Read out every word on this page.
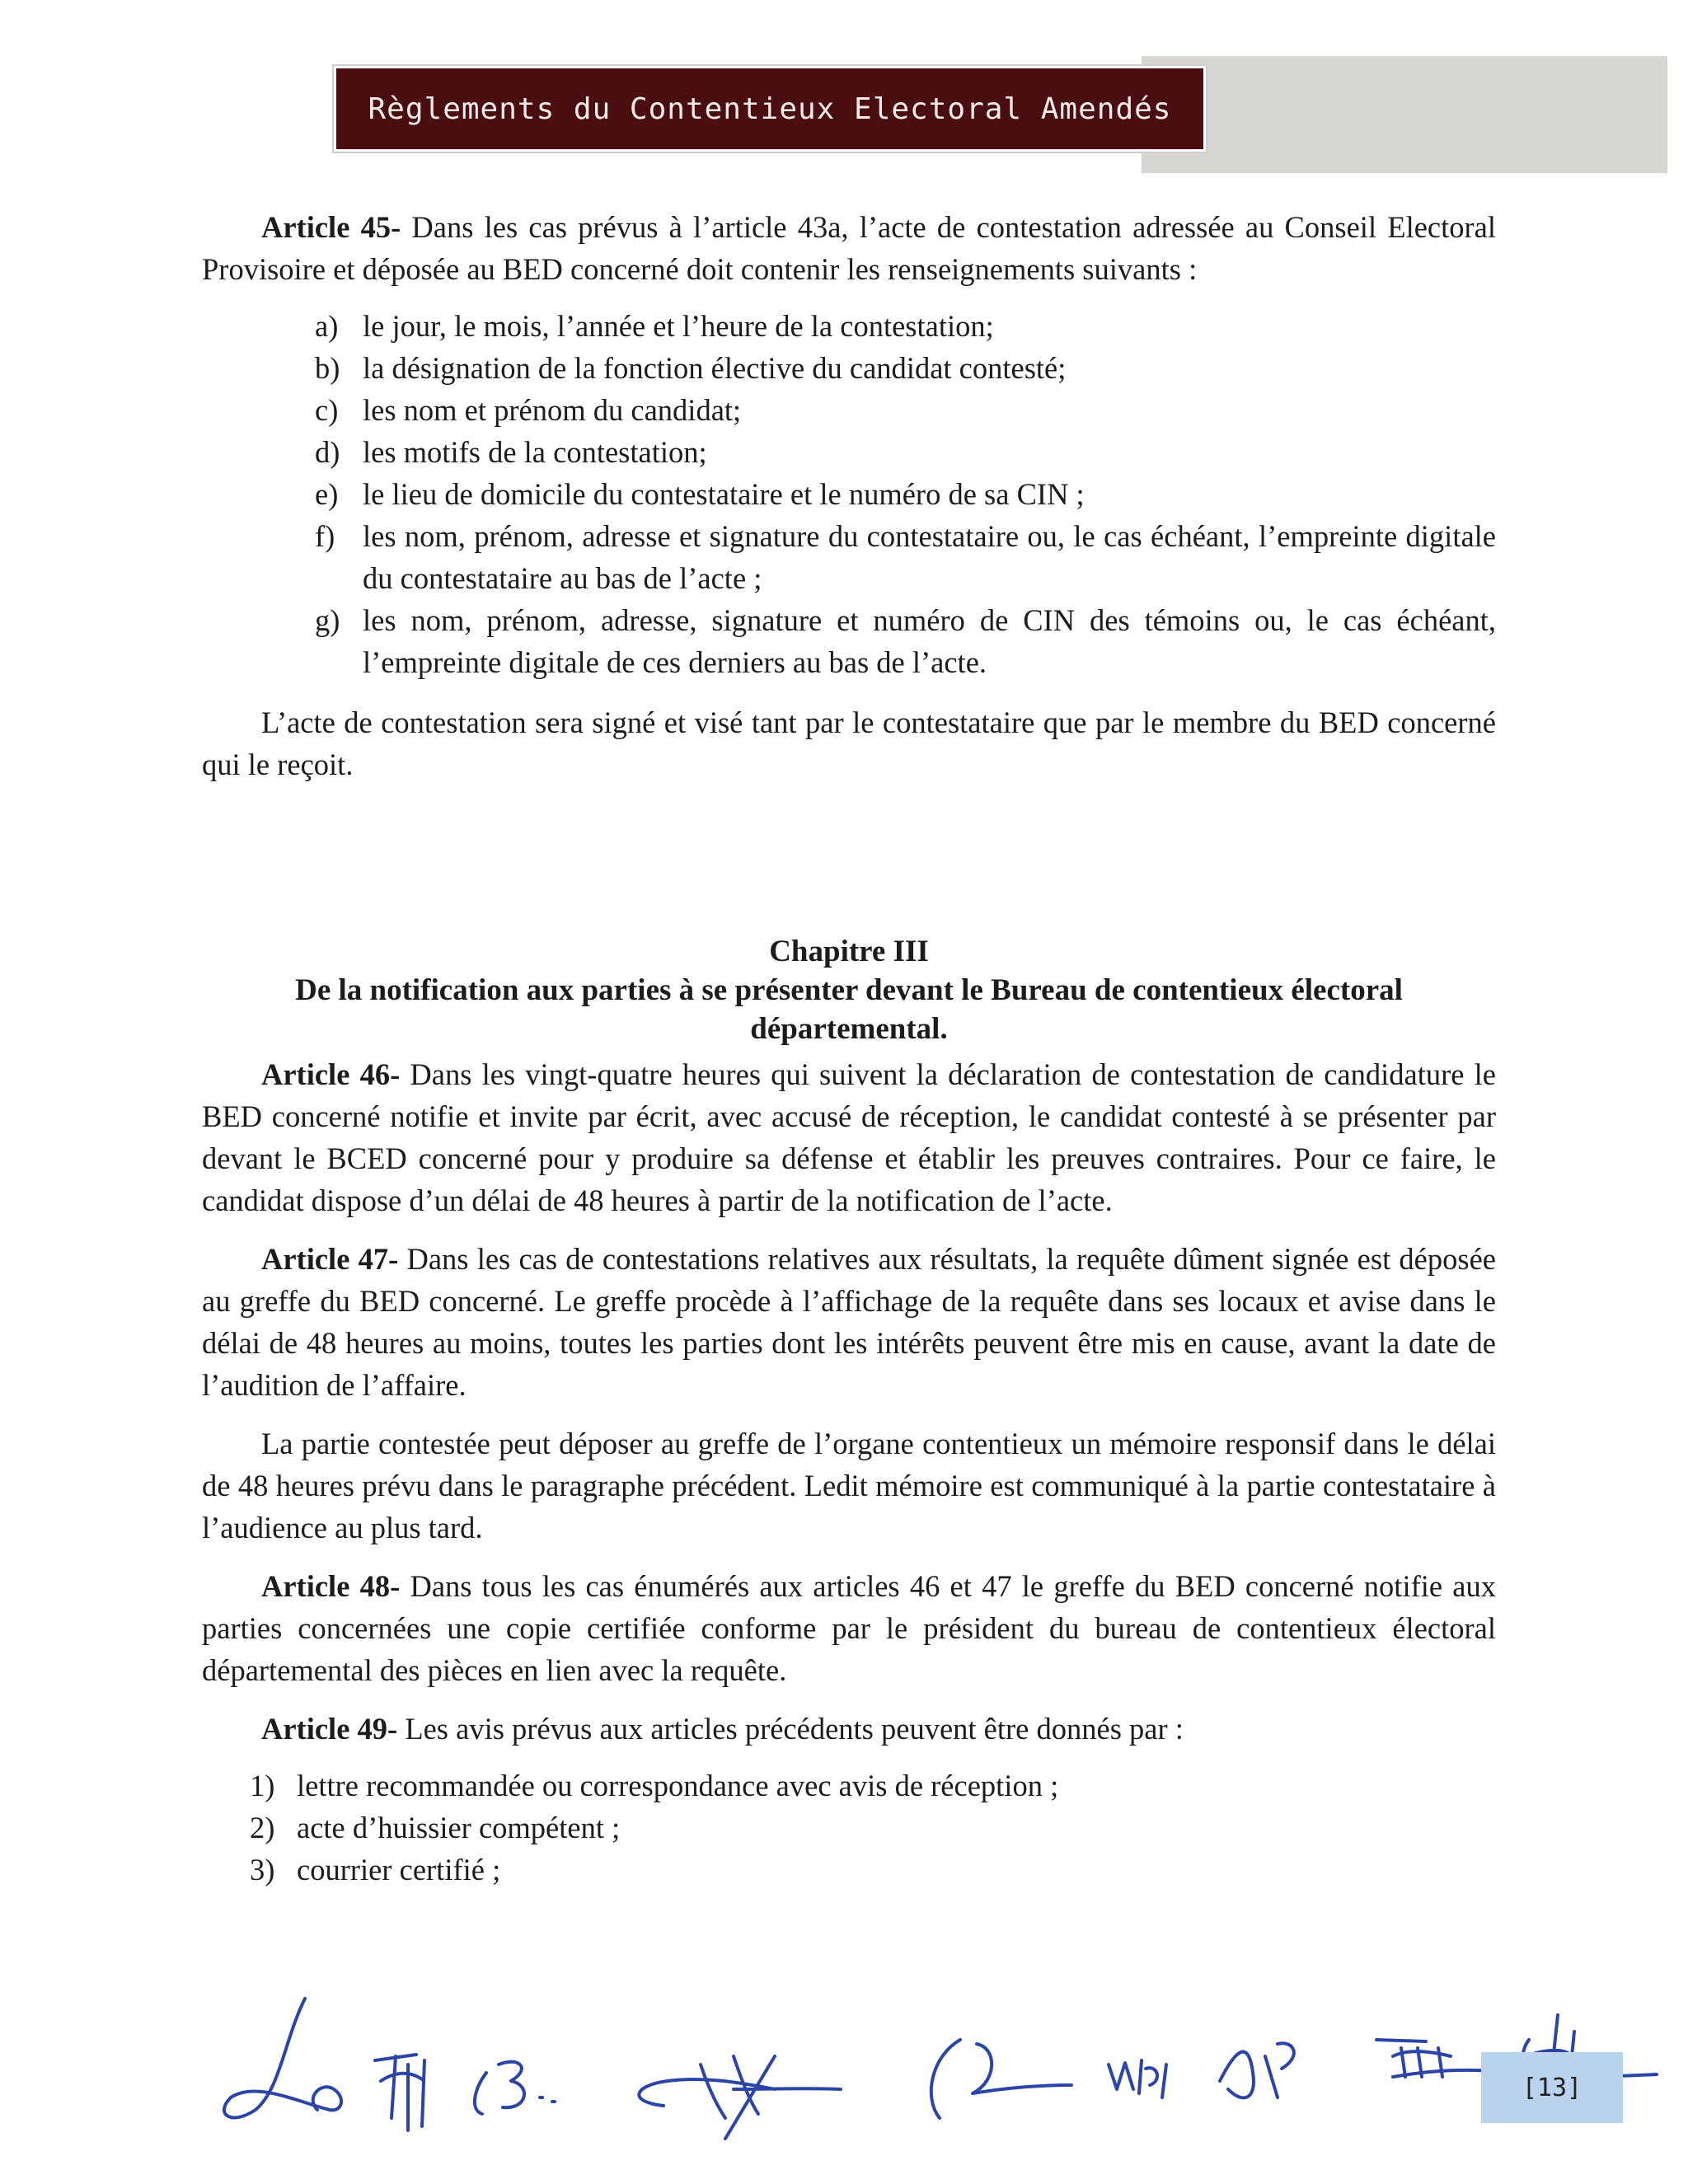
Règlements du Contentieux Electoral Amendés

Article 45- Dans les cas prévus à l’article 43a, l’acte de contestation adressée au Conseil Electoral Provisoire et déposée au BED concerné doit contenir les renseignements suivants :

a) le jour, le mois, l’année et l’heure de la contestation;
b) la désignation de la fonction élective du candidat contesté;
c) les nom et prénom du candidat;
d) les motifs de la contestation;
e) le lieu de domicile du contestataire et le numéro de sa CIN ;
f) les nom, prénom, adresse et signature du contestataire ou, le cas échéant, l’empreinte digitale du contestataire au bas de l’acte ;
g) les nom, prénom, adresse, signature et numéro de CIN des témoins ou, le cas échéant, l’empreinte digitale de ces derniers au bas de l’acte.

L’acte de contestation sera signé et visé tant par le contestataire que par le membre du BED concerné qui le reçoit.

Chapitre III

De la notification aux parties à se présenter devant le Bureau de contentieux électoral

départemental.

Article 46- Dans les vingt-quatre heures qui suivent la déclaration de contestation de candidature le BED concerné notifie et invite par écrit, avec accusé de réception, le candidat contesté à se présenter par devant le BCED concerné pour y produire sa défense et établir les preuves contraires. Pour ce faire, le candidat dispose d’un délai de 48 heures à partir de la notification de l’acte.

Article 47- Dans les cas de contestations relatives aux résultats, la requête dûment signée est déposée au greffe du BED concerné. Le greffe procède à l’affichage de la requête dans ses locaux et avise dans le délai de 48 heures au moins, toutes les parties dont les intérêts peuvent être mis en cause, avant la date de l’audition de l’affaire.

La partie contestée peut déposer au greffe de l’organe contentieux un mémoire responsif dans le délai de 48 heures prévu dans le paragraphe précédent. Ledit mémoire est communiqué à la partie contestataire à l’audience au plus tard.

Article 48- Dans tous les cas énumérés aux articles 46 et 47 le greffe du BED concerné notifie aux parties concernées une copie certifiée conforme par le président du bureau de contentieux électoral départemental des pièces en lien avec la requête.

Article 49- Les avis prévus aux articles précédents peuvent être donnés par :

1) lettre recommandée ou correspondance avec avis de réception ;
2) acte d’huissier compétent ;
3) courrier certifié ;
[13]
